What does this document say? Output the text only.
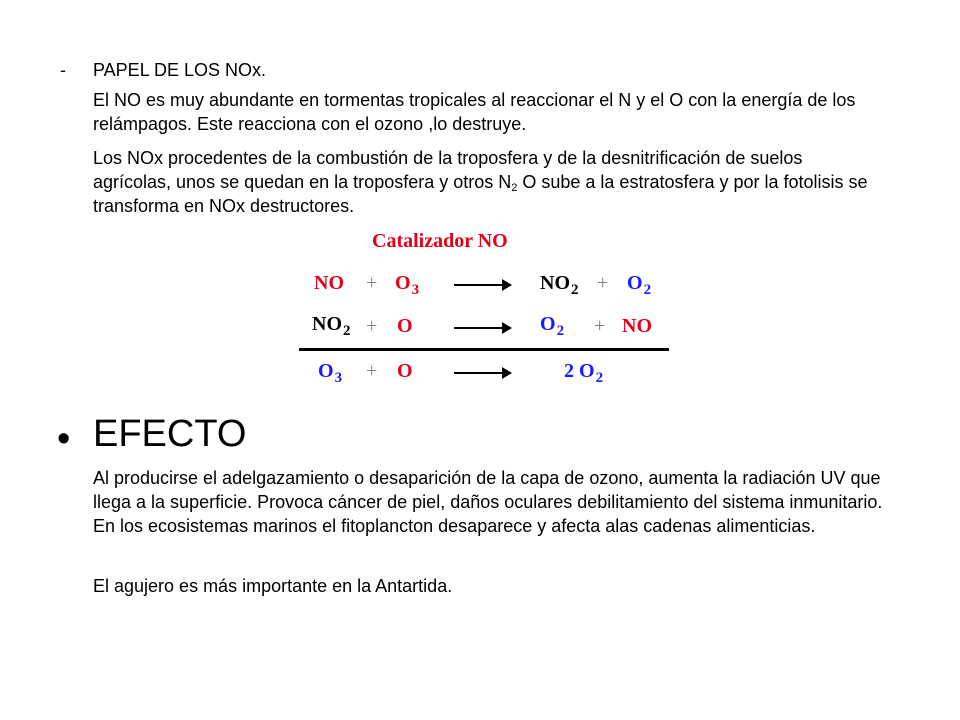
- PAPEL DE LOS NOx.
El NO es muy abundante en tormentas tropicales al reaccionar el N y el O con la energía de los relámpagos. Este reacciona con el ozono ,lo destruye.
Los NOx procedentes de la combustión de la troposfera y de la desnitrificación de suelos agrícolas, unos se quedan en la troposfera y otros $N_2$ O sube a la estratosfera y por la fotolisis se transforma en NOx destructores.
Catalizador NO
NO + $O_3$	$NO_2 + O_2$
$NO_2 + O$	$O_2$ + NO
$O_3 + O$	2 $O_2$
• EFECTO
Al producirse el adelgazamiento o desaparición de la capa de ozono, aumenta la radiación UV que llega a la superficie. Provoca cáncer de piel, daños oculares debilitamiento del sistema inmunitario. En los ecosistemas marinos el fitoplancton desaparece y afecta alas cadenas alimenticias.
El agujero es más importante en la Antartida.
